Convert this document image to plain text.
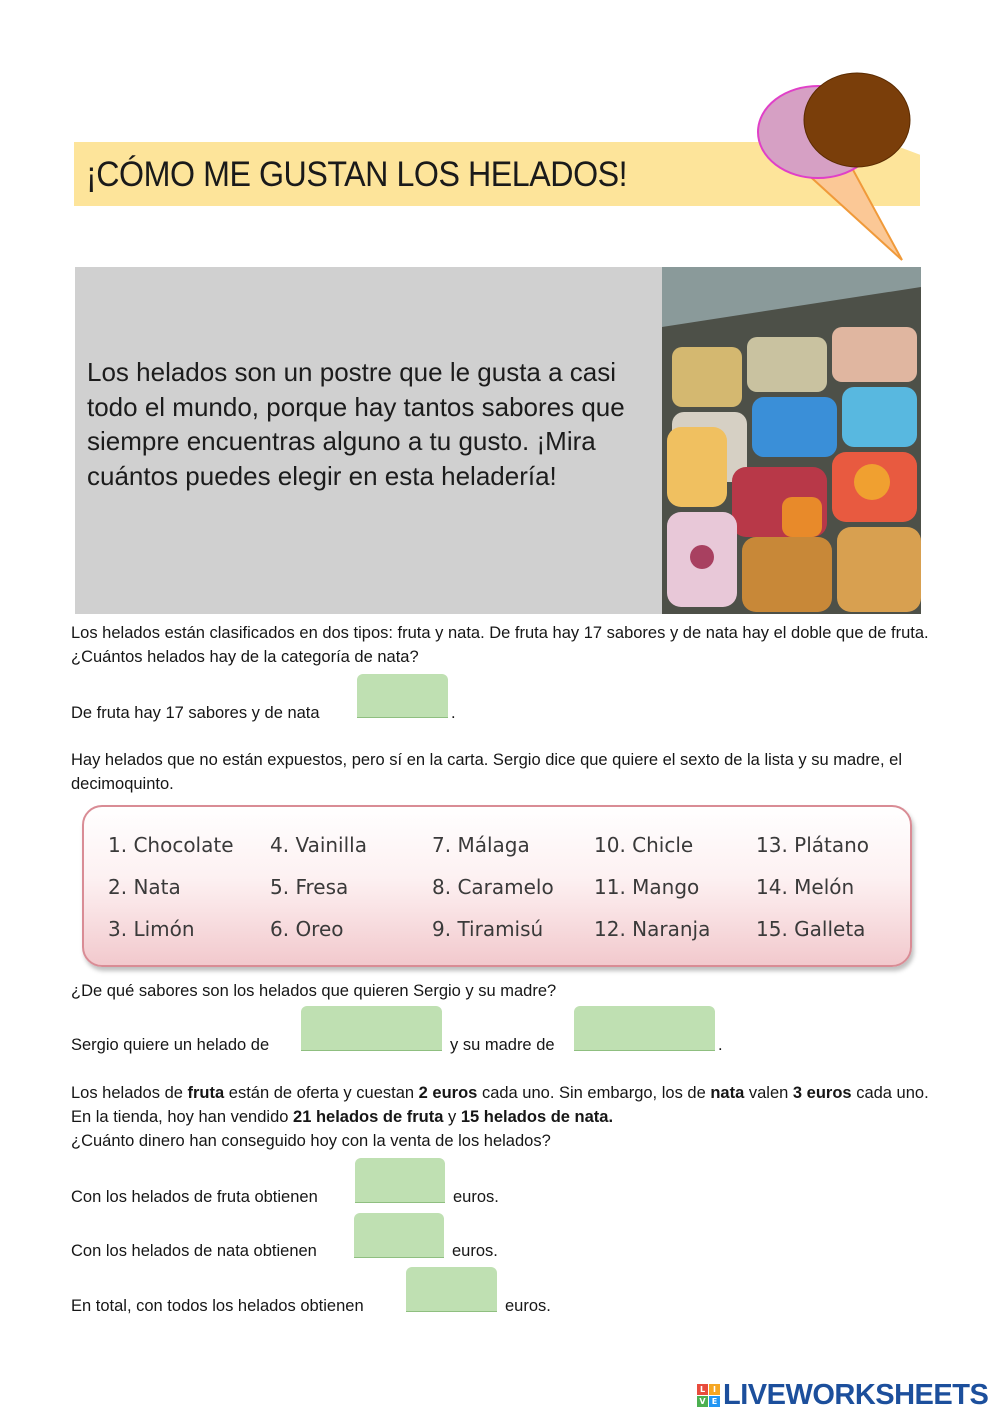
¡CÓMO ME GUSTAN LOS HELADOS!
Los helados son un postre que le gusta a casi todo el mundo, porque hay tantos sabores que siempre encuentras alguno a tu gusto. ¡Mira cuántos puedes elegir en esta heladería!
Los helados están clasificados en dos tipos: fruta y nata. De fruta hay 17 sabores y de nata hay el doble que de fruta. ¿Cuántos helados hay de la categoría de nata?
De fruta hay 17 sabores y de nata	.
Hay helados que no están expuestos, pero sí en la carta. Sergio dice que quiere el sexto de la lista y su madre, el decimoquinto.
1. Chocolate
2. Nata
3. Limón
4. Vainilla
5. Fresa
6. Oreo
7. Málaga
8. Caramelo
9. Tiramisú
10. Chicle
11. Mango
12. Naranja
13. Plátano
14. Melón
15. Galleta
¿De qué sabores son los helados que quieren Sergio y su madre?
Sergio quiere un helado de	y su madre de	.
Los helados de fruta están de oferta y cuestan 2 euros cada uno. Sin embargo, los de nata valen 3 euros cada uno. En la tienda, hoy han vendido 21 helados de fruta y 15 helados de nata.
¿Cuánto dinero han conseguido hoy con la venta de los helados?
Con los helados de fruta obtienen	euros.
Con los helados de nata obtienen	euros.
En total, con todos los helados obtienen	euros.
L I
V E LIVEWORKSHEETS
